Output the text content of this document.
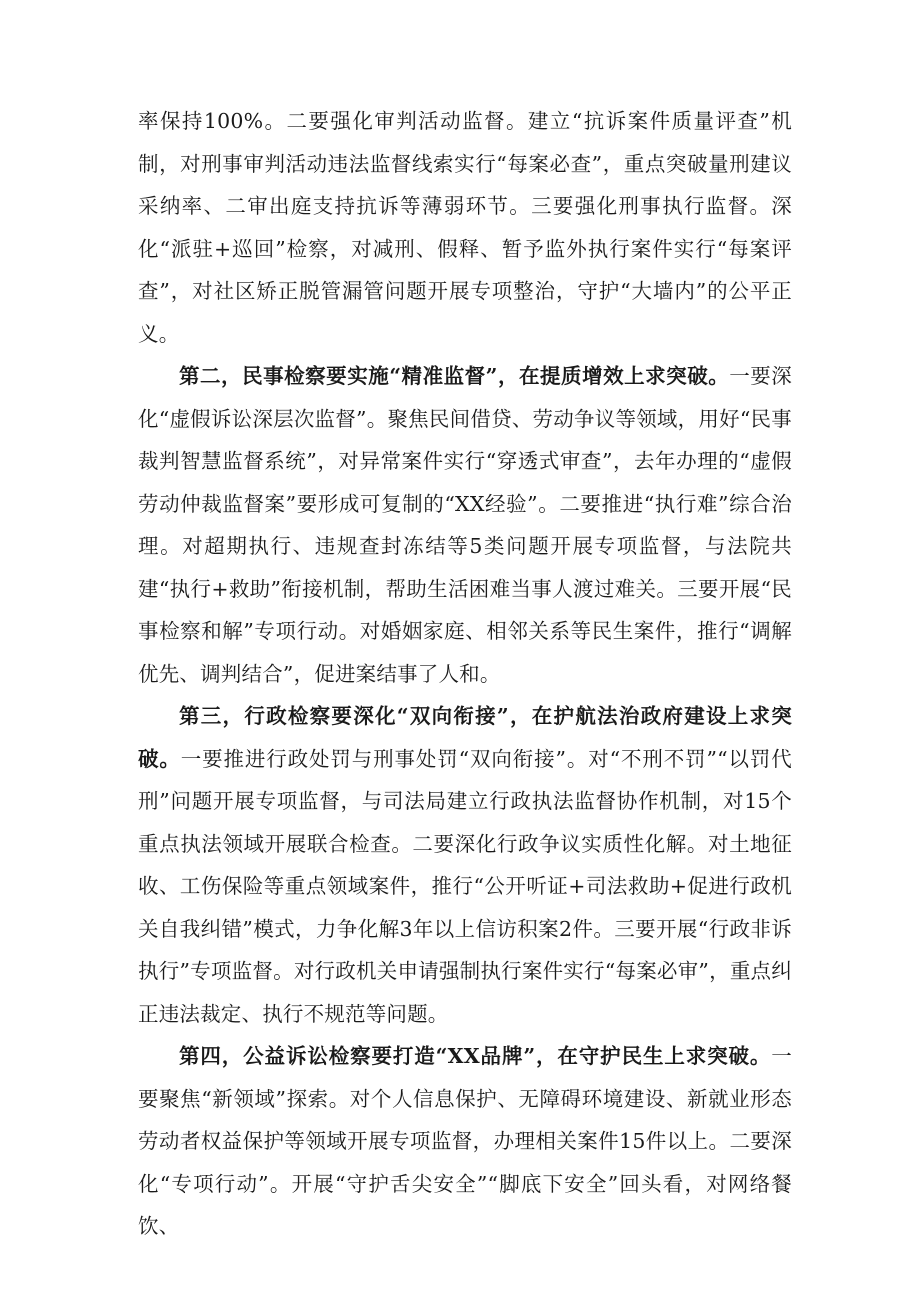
率保持100%。二要强化审判活动监督。建立“抗诉案件质量评查”机制，对刑事审判活动违法监督线索实行“每案必查”，重点突破量刑建议采纳率、二审出庭支持抗诉等薄弱环节。三要强化刑事执行监督。深化“派驻+巡回”检察，对减刑、假释、暂予监外执行案件实行“每案评查”，对社区矫正脱管漏管问题开展专项整治，守护“大墙内”的公平正义。

第二，民事检察要实施“精准监督”，在提质增效上求突破。一要深化“虚假诉讼深层次监督”。聚焦民间借贷、劳动争议等领域，用好“民事裁判智慧监督系统”，对异常案件实行“穿透式审查”，去年办理的“虚假劳动仲裁监督案”要形成可复制的“XX经验”。二要推进“执行难”综合治理。对超期执行、违规查封冻结等5类问题开展专项监督，与法院共建“执行+救助”衔接机制，帮助生活困难当事人渡过难关。三要开展“民事检察和解”专项行动。对婚姻家庭、相邻关系等民生案件，推行“调解优先、调判结合”，促进案结事了人和。

第三，行政检察要深化“双向衔接”，在护航法治政府建设上求突破。一要推进行政处罚与刑事处罚“双向衔接”。对“不刑不罚”“以罚代刑”问题开展专项监督，与司法局建立行政执法监督协作机制，对15个重点执法领域开展联合检查。二要深化行政争议实质性化解。对土地征收、工伤保险等重点领域案件，推行“公开听证+司法救助+促进行政机关自我纠错”模式，力争化解3年以上信访积案2件。三要开展“行政非诉执行”专项监督。对行政机关申请强制执行案件实行“每案必审”，重点纠正违法裁定、执行不规范等问题。

第四，公益诉讼检察要打造“XX品牌”，在守护民生上求突破。一要聚焦“新领域”探索。对个人信息保护、无障碍环境建设、新就业形态劳动者权益保护等领域开展专项监督，办理相关案件15件以上。二要深化“专项行动”。开展“守护舌尖安全”“脚底下安全”回头看，对网络餐饮、
